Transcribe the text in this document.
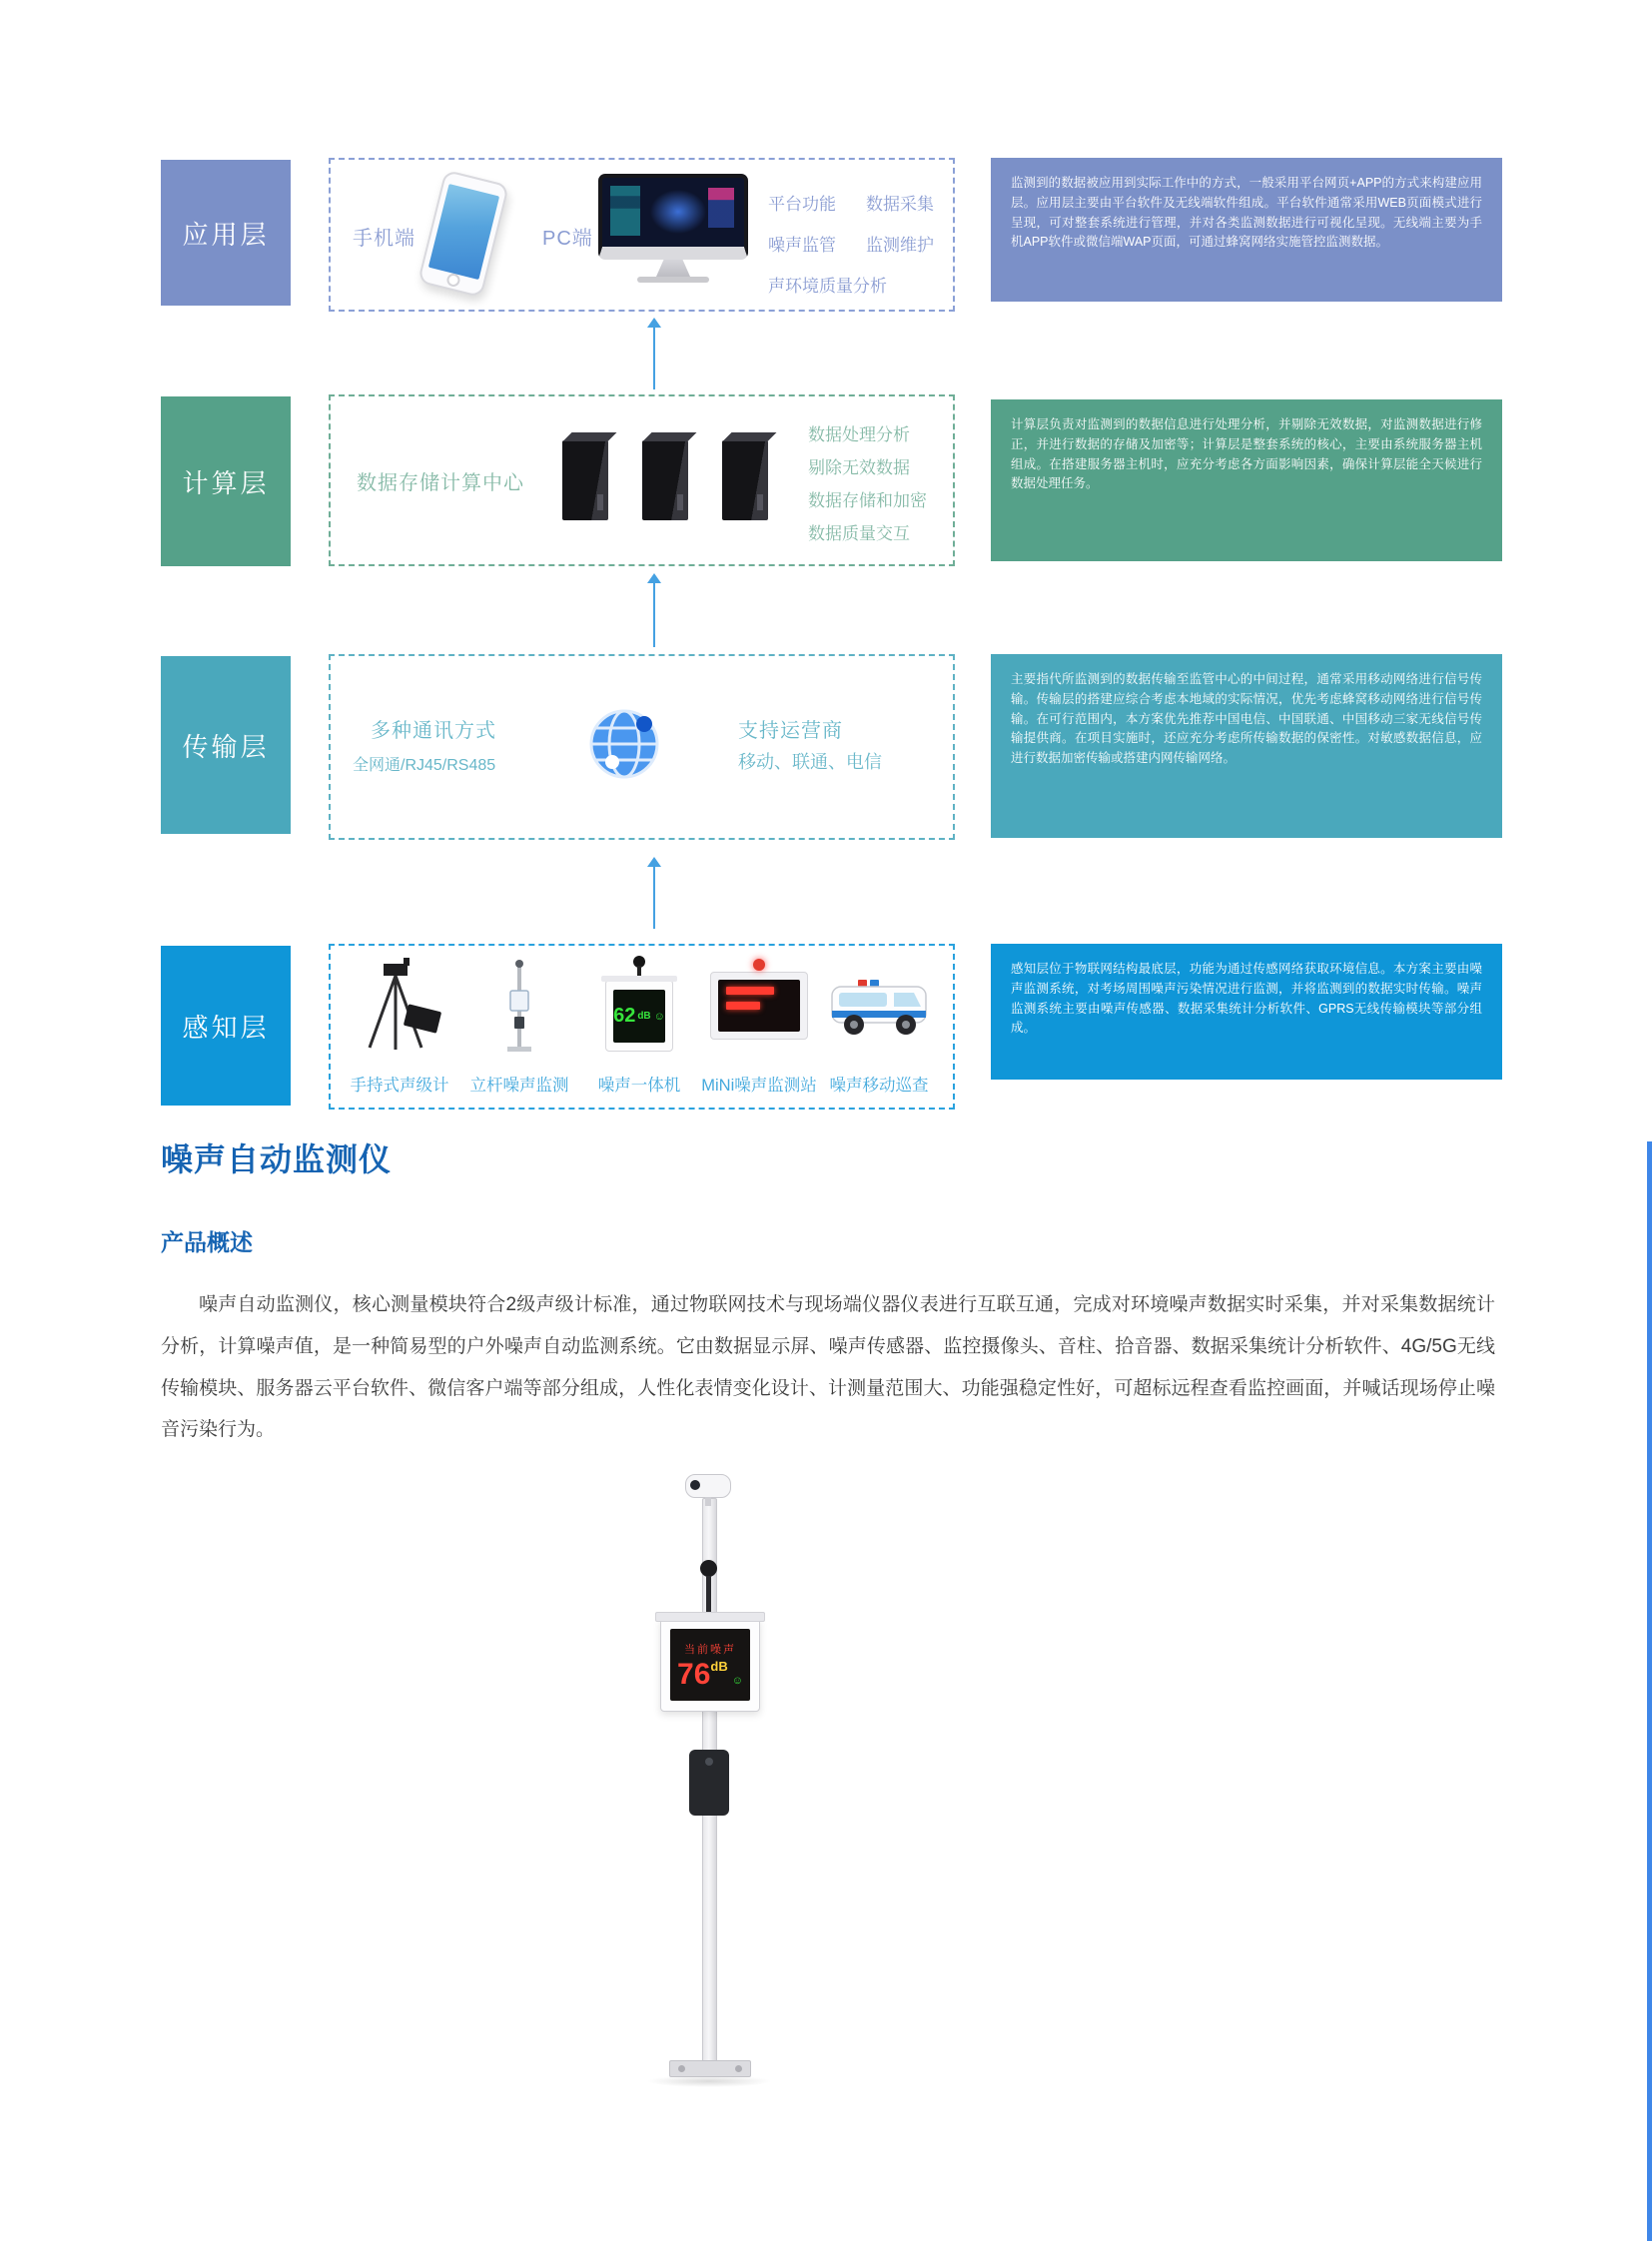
应用层	手机端	PC端
平台功能 数据采集
噪声监管 监测维护
声环境质量分析
监测到的数据被应用到实际工作中的方式，一般采用平台网页+APP的方式来构建应用层。应用层主要由平台软件及无线端软件组成。平台软件通常采用WEB页面模式进行呈现，可对整套系统进行管理，并对各类监测数据进行可视化呈现。无线端主要为手机APP软件或微信端WAP页面，可通过蜂窝网络实施管控监测数据。
计算层	数据存储计算中心
数据处理分析
剔除无效数据
数据存储和加密
数据质量交互
计算层负责对监测到的数据信息进行处理分析，并剔除无效数据，对监测数据进行修正，并进行数据的存储及加密等；计算层是整套系统的核心，主要由系统服务器主机组成。在搭建服务器主机时，应充分考虑各方面影响因素，确保计算层能全天候进行数据处理任务。
传输层
多种通讯方式
全网通/RJ45/RS485
支持运营商
移动、联通、电信
主要指代所监测到的数据传输至监管中心的中间过程，通常采用移动网络进行信号传输。传输层的搭建应综合考虑本地域的实际情况，优先考虑蜂窝移动网络进行信号传输。在可行范围内，本方案优先推荐中国电信、中国联通、中国移动三家无线信号传输提供商。在项目实施时，还应充分考虑所传输数据的保密性。对敏感数据信息，应进行数据加密传输或搭建内网传输网络。
感知层
手持式声级计	立杆噪声监测
62 dB ☺
噪声一体机	MiNi噪声监测站 噪声移动巡查
感知层位于物联网结构最底层，功能为通过传感网络获取环境信息。本方案主要由噪声监测系统，对考场周围噪声污染情况进行监测，并将监测到的数据实时传输。噪声监测系统主要由噪声传感器、数据采集统计分析软件、GPRS无线传输模块等部分组成。
噪声自动监测仪
产品概述
噪声自动监测仪，核心测量模块符合2级声级计标准，通过物联网技术与现场端仪器仪表进行互联互通，完成对环境噪声数据实时采集，并对采集数据统计分析，计算噪声值，是一种简易型的户外噪声自动监测系统。它由数据显示屏、噪声传感器、监控摄像头、音柱、拾音器、数据采集统计分析软件、4G/5G无线传输模块、服务器云平台软件、微信客户端等部分组成，人性化表情变化设计、计测量范围大、功能强稳定性好，可超标远程查看监控画面，并喊话现场停止噪音污染行为。
当前噪声
$76^{dB}☺$
